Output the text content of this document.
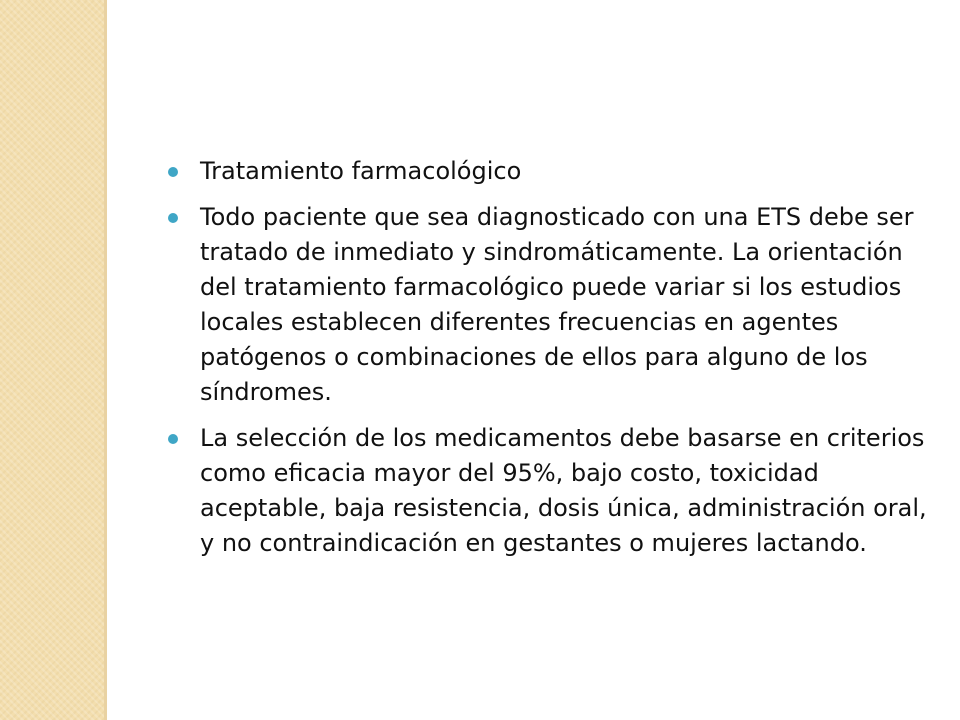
Tratamiento farmacológico
Todo paciente que sea diagnosticado con una ETS debe ser tratado de inmediato y sindromáticamente. La orientación del tratamiento farmacológico puede variar si los estudios locales establecen diferentes frecuencias en agentes patógenos o combinaciones de ellos para alguno de los síndromes.
La selección de los medicamentos debe basarse en criterios como eficacia mayor del 95%, bajo costo, toxicidad aceptable, baja resistencia, dosis única, administración oral, y no contraindicación en gestantes o mujeres lactando.
